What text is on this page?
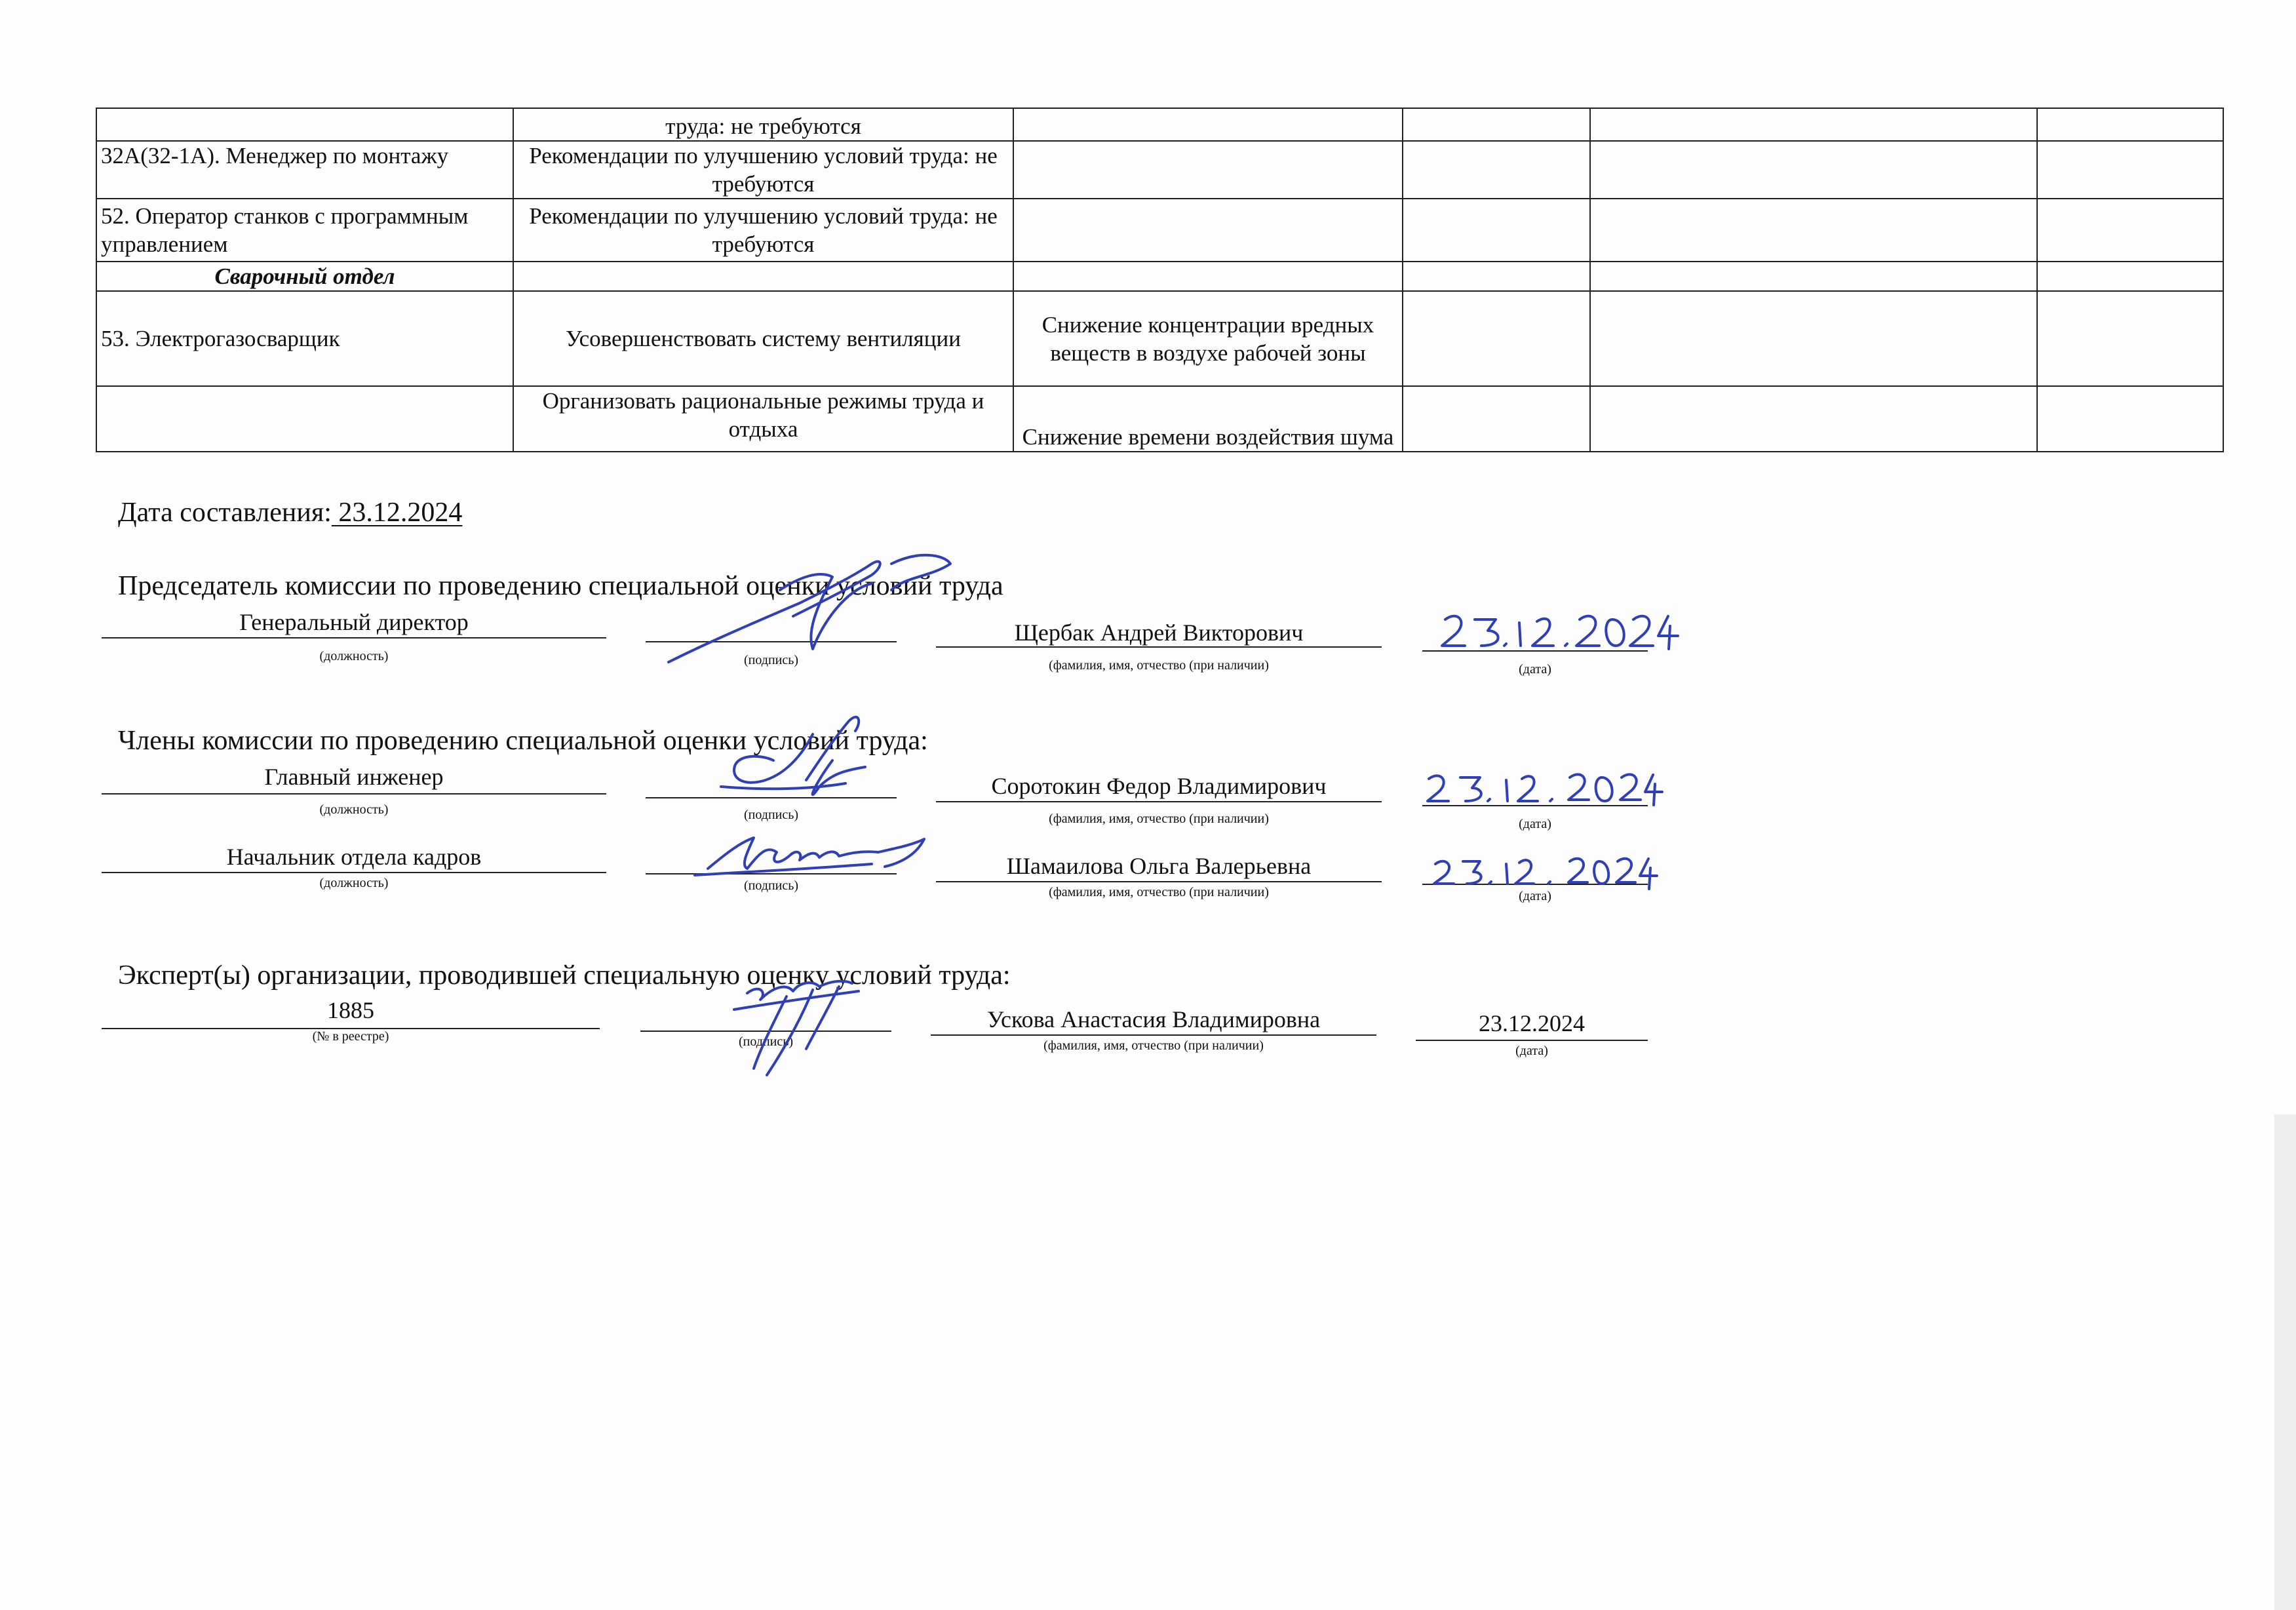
	труда: не требуются				
32А(32-1А). Менеджер по монтажу	Рекомендации по улучшению условий труда: не требуются				
52. Оператор станков с программным управлением	Рекомендации по улучшению условий труда: не требуются				
Сварочный отдел					
53. Электрогазосварщик	Усовершенствовать систему вентиляции	Снижение концентрации вредных веществ в воздухе рабочей зоны			
	Организовать рациональные режимы труда и отдыха	Снижение времени воздействия шума			
Дата составления: 23.12.2024
Председатель комиссии по проведению специальной оценки условий труда
Генеральный директор
(должность)	(подпись)
Щербак Андрей Викторович
(фамилия, имя, отчество (при наличии)	(дата)
Члены комиссии по проведению специальной оценки условий труда:
Главный инженер
(должность)	(подпись)
Соротокин Федор Владимирович
(фамилия, имя, отчество (при наличии)	(дата)
Начальник отдела кадров
(должность)	(подпись)
Шамаилова Ольга Валерьевна
(фамилия, имя, отчество (при наличии)	(дата)
Эксперт(ы) организации, проводившей специальную оценку условий труда:
1885
(№ в реестре)	(подпись)
Ускова Анастасия Владимировна
(фамилия, имя, отчество (при наличии)
23.12.2024
(дата)
